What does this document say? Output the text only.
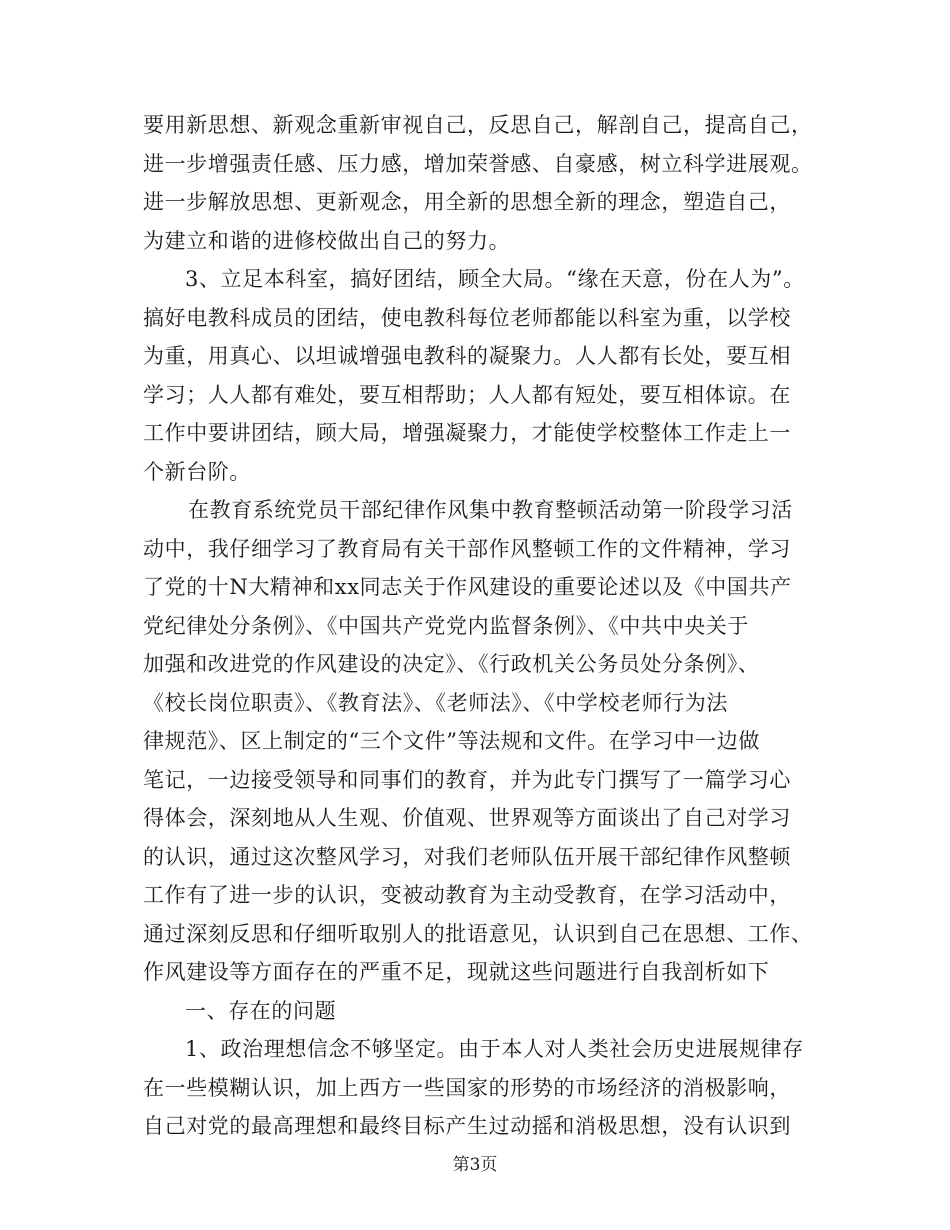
要用新思想、新观念重新审视自己，反思自己，解剖自己，提高自己，
进一步增强责任感、压力感，增加荣誉感、自豪感，树立科学进展观。
进一步解放思想、更新观念，用全新的思想全新的理念，塑造自己，
为建立和谐的进修校做出自己的努力。
3、立足本科室，搞好团结，顾全大局。“缘在天意，份在人为”。
搞好电教科成员的团结，使电教科每位老师都能以科室为重，以学校
为重，用真心、以坦诚增强电教科的凝聚力。人人都有长处，要互相
学习；人人都有难处，要互相帮助；人人都有短处，要互相体谅。在
工作中要讲团结，顾大局，增强凝聚力，才能使学校整体工作走上一
个新台阶。
在教育系统党员干部纪律作风集中教育整顿活动第一阶段学习活
动中，我仔细学习了教育局有关干部作风整顿工作的文件精神，学习
了党的十N大精神和xx同志关于作风建设的重要论述以及《中国共产
党纪律处分条例》、《中国共产党党内监督条例》、《中共中央关于
加强和改进党的作风建设的决定》、《行政机关公务员处分条例》、
《校长岗位职责》、《教育法》、《老师法》、《中学校老师行为法
律规范》、区上制定的“三个文件”等法规和文件。在学习中一边做
笔记，一边接受领导和同事们的教育，并为此专门撰写了一篇学习心
得体会，深刻地从人生观、价值观、世界观等方面谈出了自己对学习
的认识，通过这次整风学习，对我们老师队伍开展干部纪律作风整顿
工作有了进一步的认识，变被动教育为主动受教育，在学习活动中，
通过深刻反思和仔细听取别人的批语意见，认识到自己在思想、工作、
作风建设等方面存在的严重不足，现就这些问题进行自我剖析如下
一、存在的问题
1、政治理想信念不够坚定。由于本人对人类社会历史进展规律存
在一些模糊认识，加上西方一些国家的形势的市场经济的消极影响，
自己对党的最高理想和最终目标产生过动摇和消极思想，没有认识到
第3页
